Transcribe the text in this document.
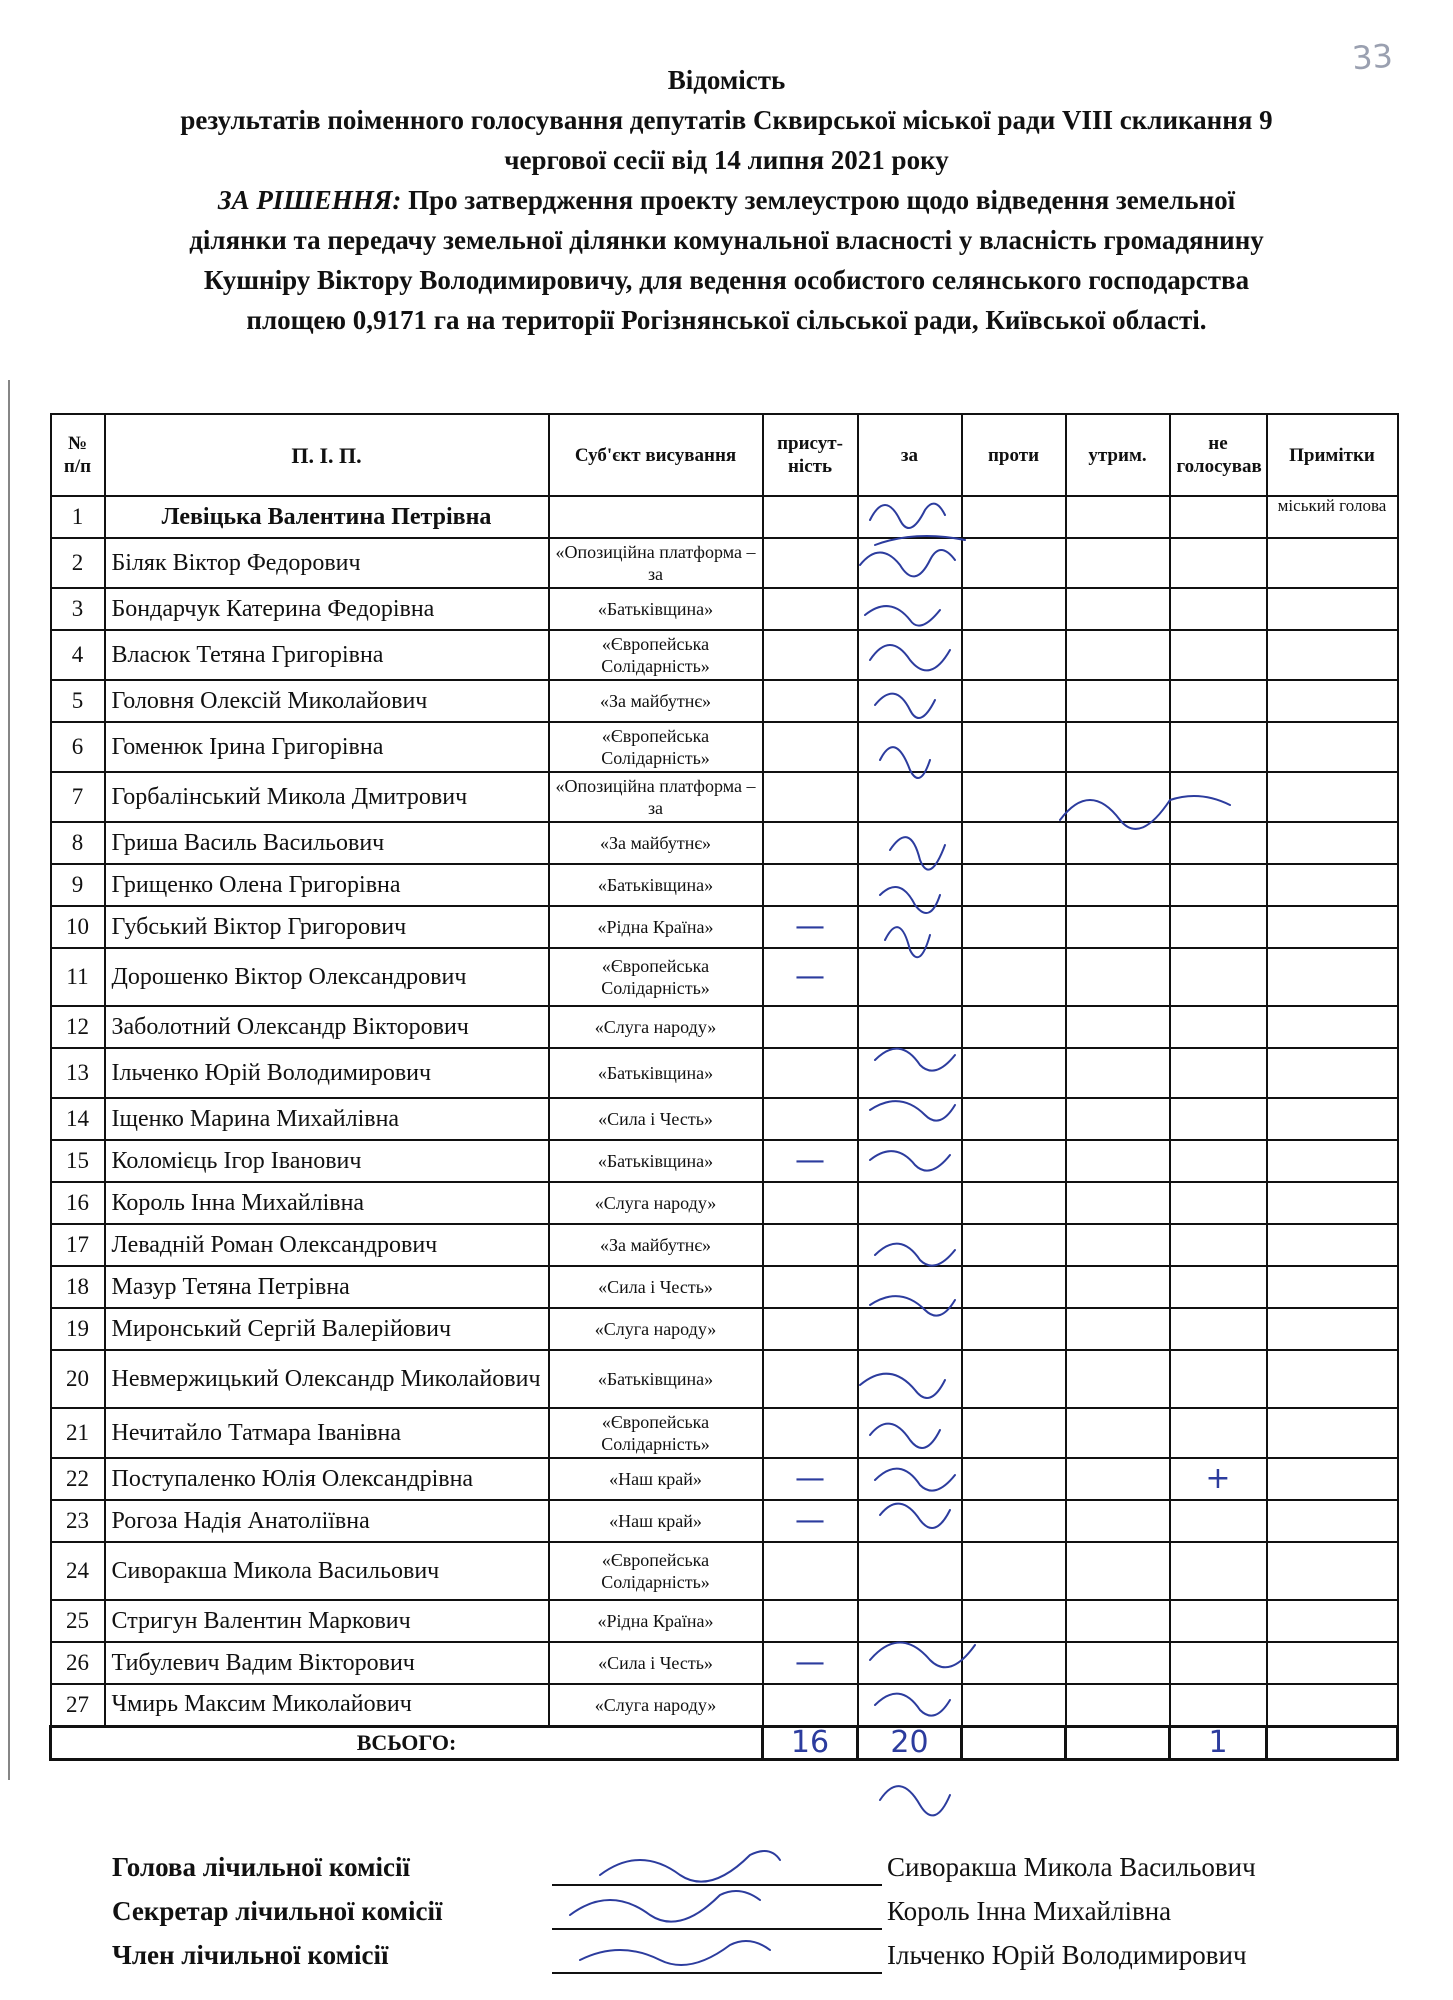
33
Відомість
результатів поіменного голосування депутатів Сквирської міської ради VIII скликання 9
чергової сесії від 14 липня 2021 року
ЗА РІШЕННЯ: Про затвердження проекту землеустрою щодо відведення земельної
ділянки та передачу земельної ділянки комунальної власності у власність громадянину
Кушніру Віктору Володимировичу, для ведення особистого селянського господарства
площею 0,9171 га на території Рогізнянської сільської ради, Київської області.
№ п/п	П. І. П.	Суб'єкт висування	присут-ність	за	проти	утрим.	не голосував	Примітки
1	Левіцька Валентина Петрівна							міський голова
2	Біляк Віктор Федорович	«Опозиційна платформа – за						
3	Бондарчук Катерина Федорівна	«Батьківщина»						
4	Власюк Тетяна Григорівна	«Європейська Солідарність»						
5	Головня Олексій Миколайович	«За майбутнє»						
6	Гоменюк Ірина Григорівна	«Європейська Солідарність»						
7	Горбалінський Микола Дмитрович	«Опозиційна платформа – за						
8	Гриша Василь Васильович	«За майбутнє»						
9	Грищенко Олена Григорівна	«Батьківщина»						
10	Губський Віктор Григорович	«Рідна Країна»	—					
11	Дорошенко Віктор Олександрович	«Європейська Солідарність»	—					
12	Заболотний Олександр Вікторович	«Слуга народу»						
13	Ільченко Юрій Володимирович	«Батьківщина»						
14	Іщенко Марина Михайлівна	«Сила і Честь»						
15	Коломієць Ігор Іванович	«Батьківщина»	—					
16	Король Інна Михайлівна	«Слуга народу»						
17	Левадній Роман Олександрович	«За майбутнє»						
18	Мазур Тетяна Петрівна	«Сила і Честь»						
19	Миронський Сергій Валерійович	«Слуга народу»						
20	Невмержицький Олександр Миколайович	«Батьківщина»						
21	Нечитайло Татмара Іванівна	«Європейська Солідарність»						
22	Поступаленко Юлія Олександрівна	«Наш край»	—				+	
23	Рогоза Надія Анатоліївна	«Наш край»	—					
24	Сиворакша Микола Васильович	«Європейська Солідарність»						
25	Стригун Валентин Маркович	«Рідна Країна»						
26	Тибулевич Вадим Вікторович	«Сила і Честь»	—					
27	Чмирь Максим Миколайович	«Слуга народу»						
ВСЬОГО:			16	20			1	
Голова лічильної комісії	Сиворакша Микола Васильович
Секретар лічильної комісії	Король Інна Михайлівна
Член лічильної комісії	Ільченко Юрій Володимирович
